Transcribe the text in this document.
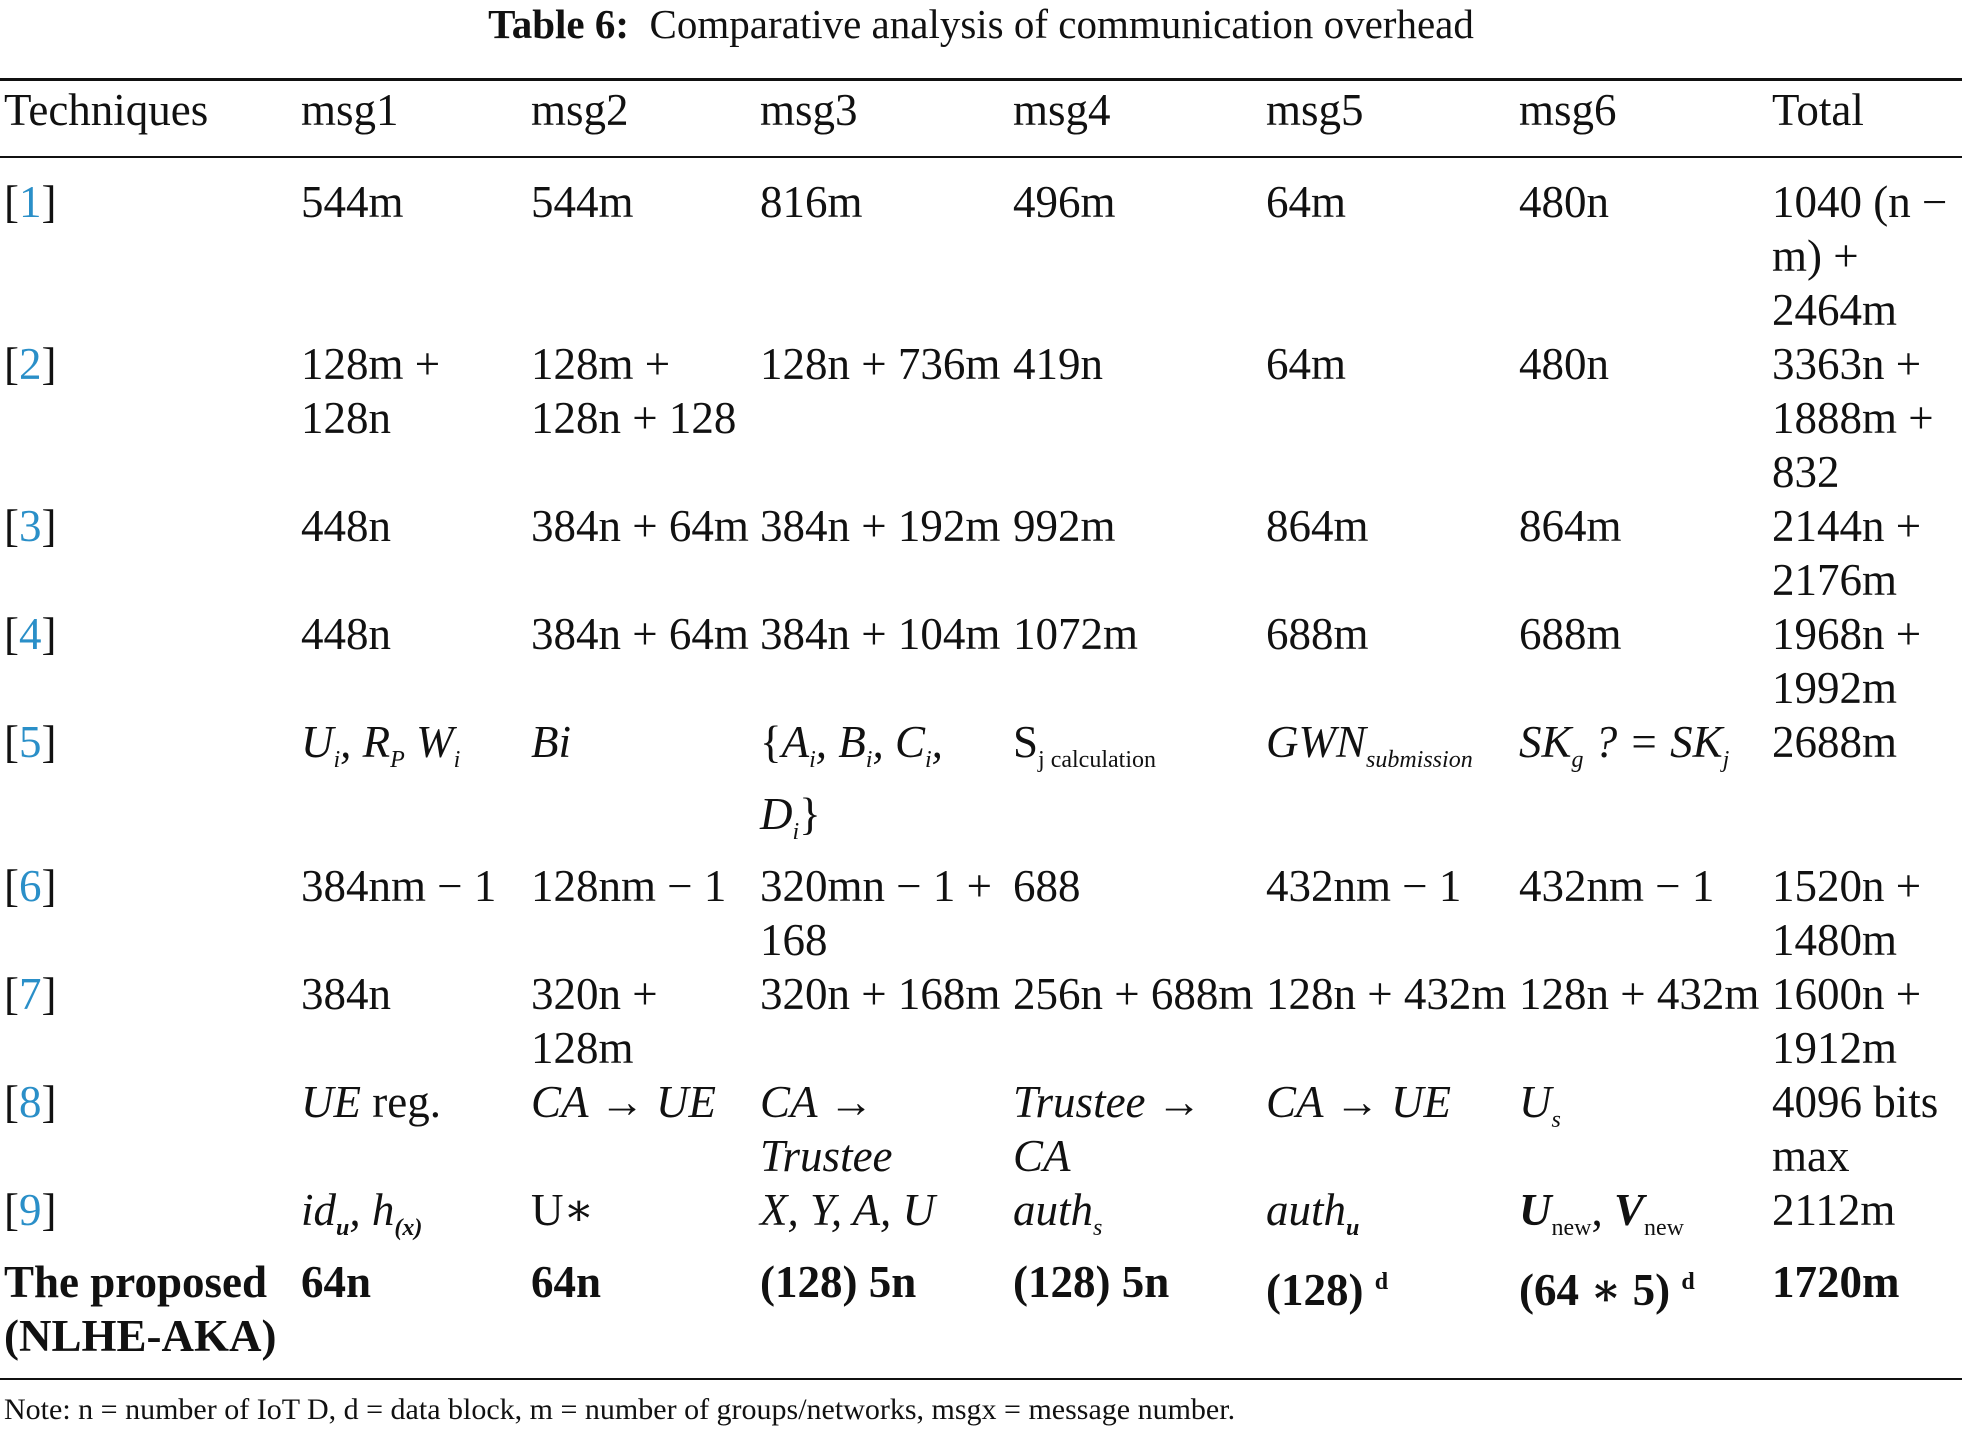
Table 6: Comparative analysis of communication overhead
Techniques	msg1	msg2	msg3	msg4	msg5	msg6	Total
[1]	544m	544m	816m	496m	64m	480n	1040 (n − m) + 2464m
[2]	128m + 128n	128m + 128n + 128	128n + 736m	419n	64m	480n	3363n + 1888m + 832
[3]	448n	384n + 64m	384n + 192m	992m	864m	864m	2144n + 2176m
[4]	448n	384n + 64m	384n + 104m	1072m	688m	688m	1968n + 1992m
[5]	$U_i$, $R_P$ $W_i$	Bi	{$A_i$, $B_i$, $C_i$, $D_i$}	$S_{j calculation}$	$GWN_{submission}$	$SK_g$ ? = $SK_j$	2688m
[6]	384nm − 1	128nm − 1	320mn − 1 + 168	688	432nm − 1	432nm − 1	1520n + 1480m
[7]	384n	320n + 128m	320n + 168m	256n + 688m	128n + 432m	128n + 432m	1600n + 1912m
[8]	UE reg.	CA → UE	CA → Trustee	Trustee → CA	CA → UE	$U_s$	4096 bits max
[9]	$id_u$, $h_{(x)}$	U∗	X, Y, A, U	auth$_s$	auth$_u$	$U_{new}$, $V_{new}$	2112m
The proposed (NLHE-AKA)	64n	64n	(128) 5n	(128) 5n	(128) $^d$	(64 ∗ 5) $^d$	1720m
Note: n = number of IoT D, d = data block, m = number of groups/networks, msgx = message number.
